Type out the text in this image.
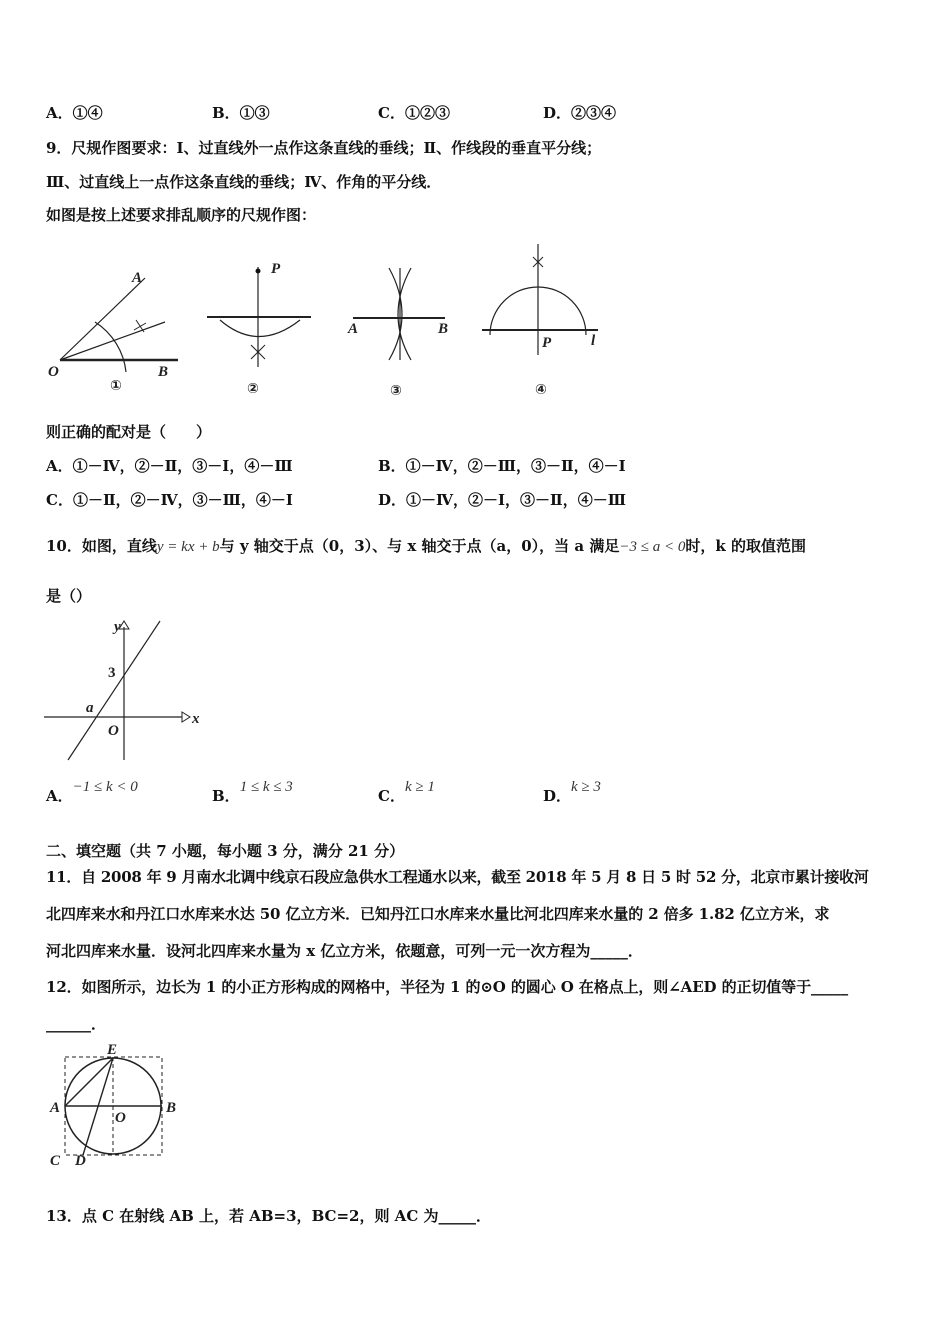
A．①④	B．①③	C．①②③	D．②③④
9．尺规作图要求：Ⅰ、过直线外一点作这条直线的垂线；Ⅱ、作线段的垂直平分线；
Ⅲ、过直线上一点作这条直线的垂线；Ⅳ、作角的平分线．
如图是按上述要求排乱顺序的尺规作图：
A
O	B
①
P
②
A	B
③
P	l
④
则正确的配对是（　　）
A．①－Ⅳ，②－Ⅱ，③－Ⅰ，④－Ⅲ	B．①－Ⅳ，②－Ⅲ，③－Ⅱ，④－Ⅰ
C．①－Ⅱ，②－Ⅳ，③－Ⅲ，④－Ⅰ	D．①－Ⅳ，②－Ⅰ，③－Ⅱ，④－Ⅲ
10．如图，直线y = kx + b与 y 轴交于点（0，3）、与 x 轴交于点（a，0），当 a 满足−3 ≤ a < 0时，k 的取值范围
是（）
y
x
3
a
O
A．−1 ≤ k < 0	B．1 ≤ k ≤ 3	C．k ≥ 1	D．k ≥ 3
二、填空题（共 7 小题，每小题 3 分，满分 21 分）
11．自 2008 年 9 月南水北调中线京石段应急供水工程通水以来，截至 2018 年 5 月 8 日 5 时 52 分，北京市累计接收河
北四库来水和丹江口水库来水达 50 亿立方米．已知丹江口水库来水量比河北四库来水量的 2 倍多 1.82 亿立方米，求
河北四库来水量．设河北四库来水量为 x 亿立方米，依题意，可列一元一次方程为_____．
12．如图所示，边长为 1 的小正方形构成的网格中，半径为 1 的⊙O 的圆心 O 在格点上，则∠AED 的正切值等于_____
______．
E
A	B
O
C D
13．点 C 在射线 AB 上，若 AB=3，BC=2，则 AC 为_____．
